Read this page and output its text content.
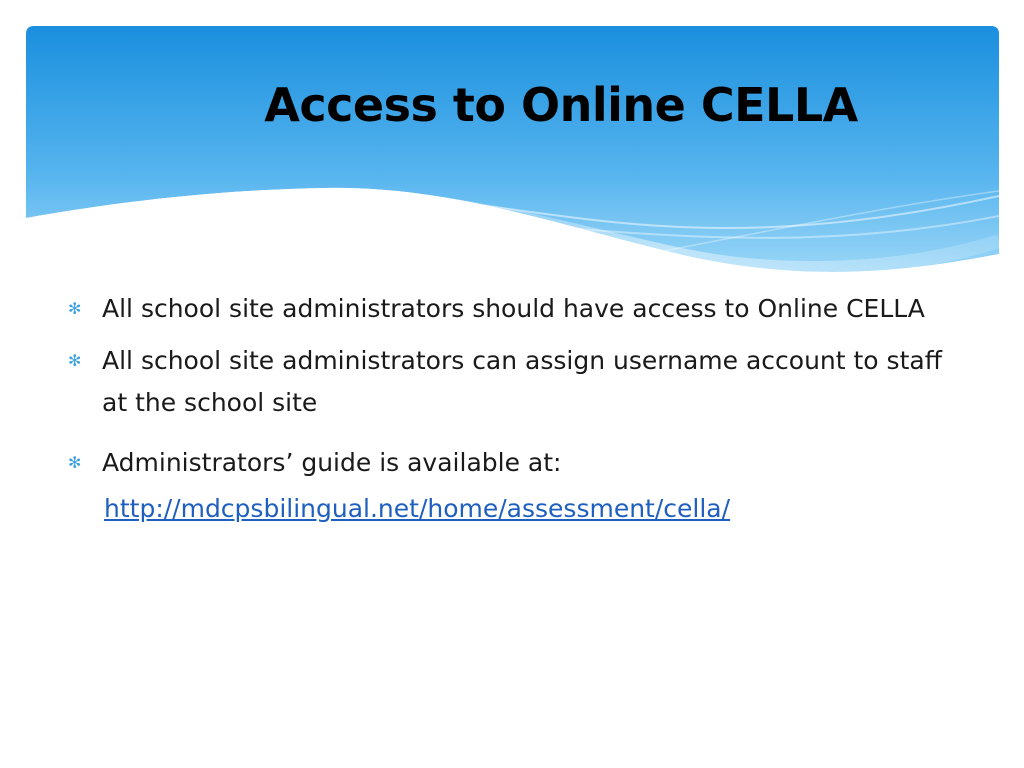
Access to Online CELLA
✻ All school site administrators should have access to Online CELLA
✻ All school site administrators can assign username account to staff at the school site
✻ Administrators’ guide is available at:
http://mdcpsbilingual.net/home/assessment/cella/
